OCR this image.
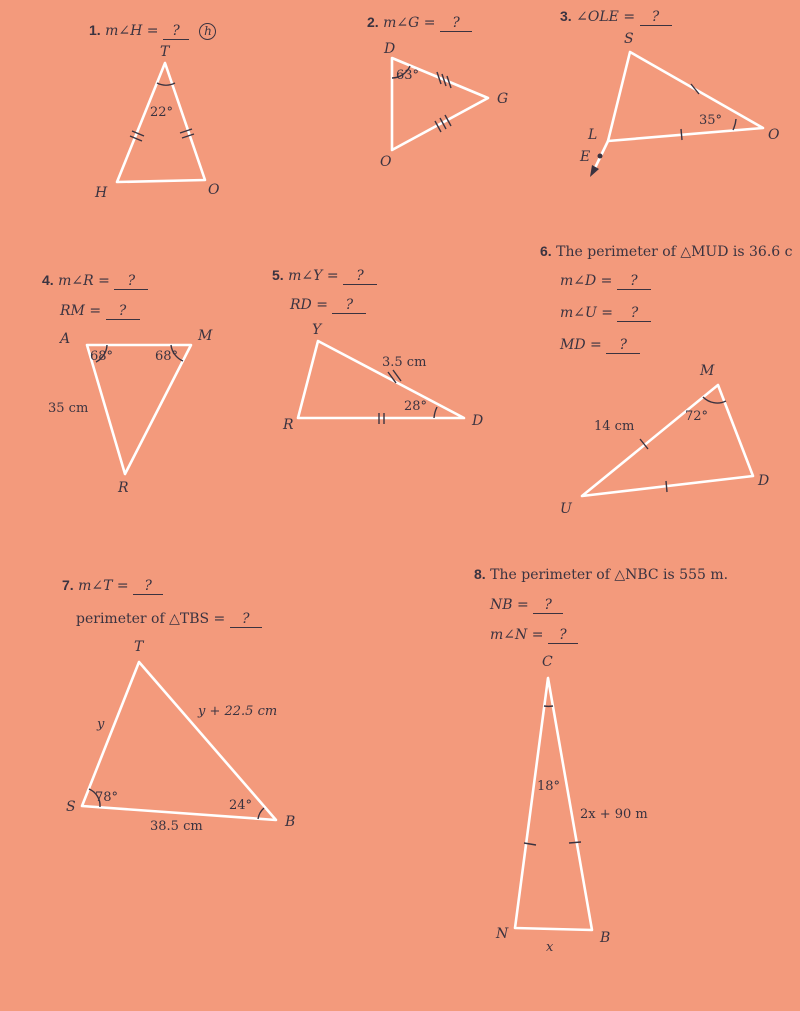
1. m∠H = ? h
T
H	O
22°
2. m∠G = ?
D
G
O
63°
3. ∠OLE = ?
S
L	O
E
35°
4. m∠R = ?
RM = ?
A	M
R
68°	68°
35 cm
5. m∠Y = ?
RD = ?
Y
R	D
3.5 cm
28°
6. The perimeter of △MUD is 36.6 c
m∠D = ?
m∠U = ?
MD = ?
M
U
D
72°
14 cm
7. m∠T = ?
perimeter of △TBS = ?
T
S
B
y
y + 22.5 cm
38.5 cm
78°
24°
8. The perimeter of △NBC is 555 m.
NB = ?
m∠N = ?
C
N	B
18°
2x + 90 m
x
